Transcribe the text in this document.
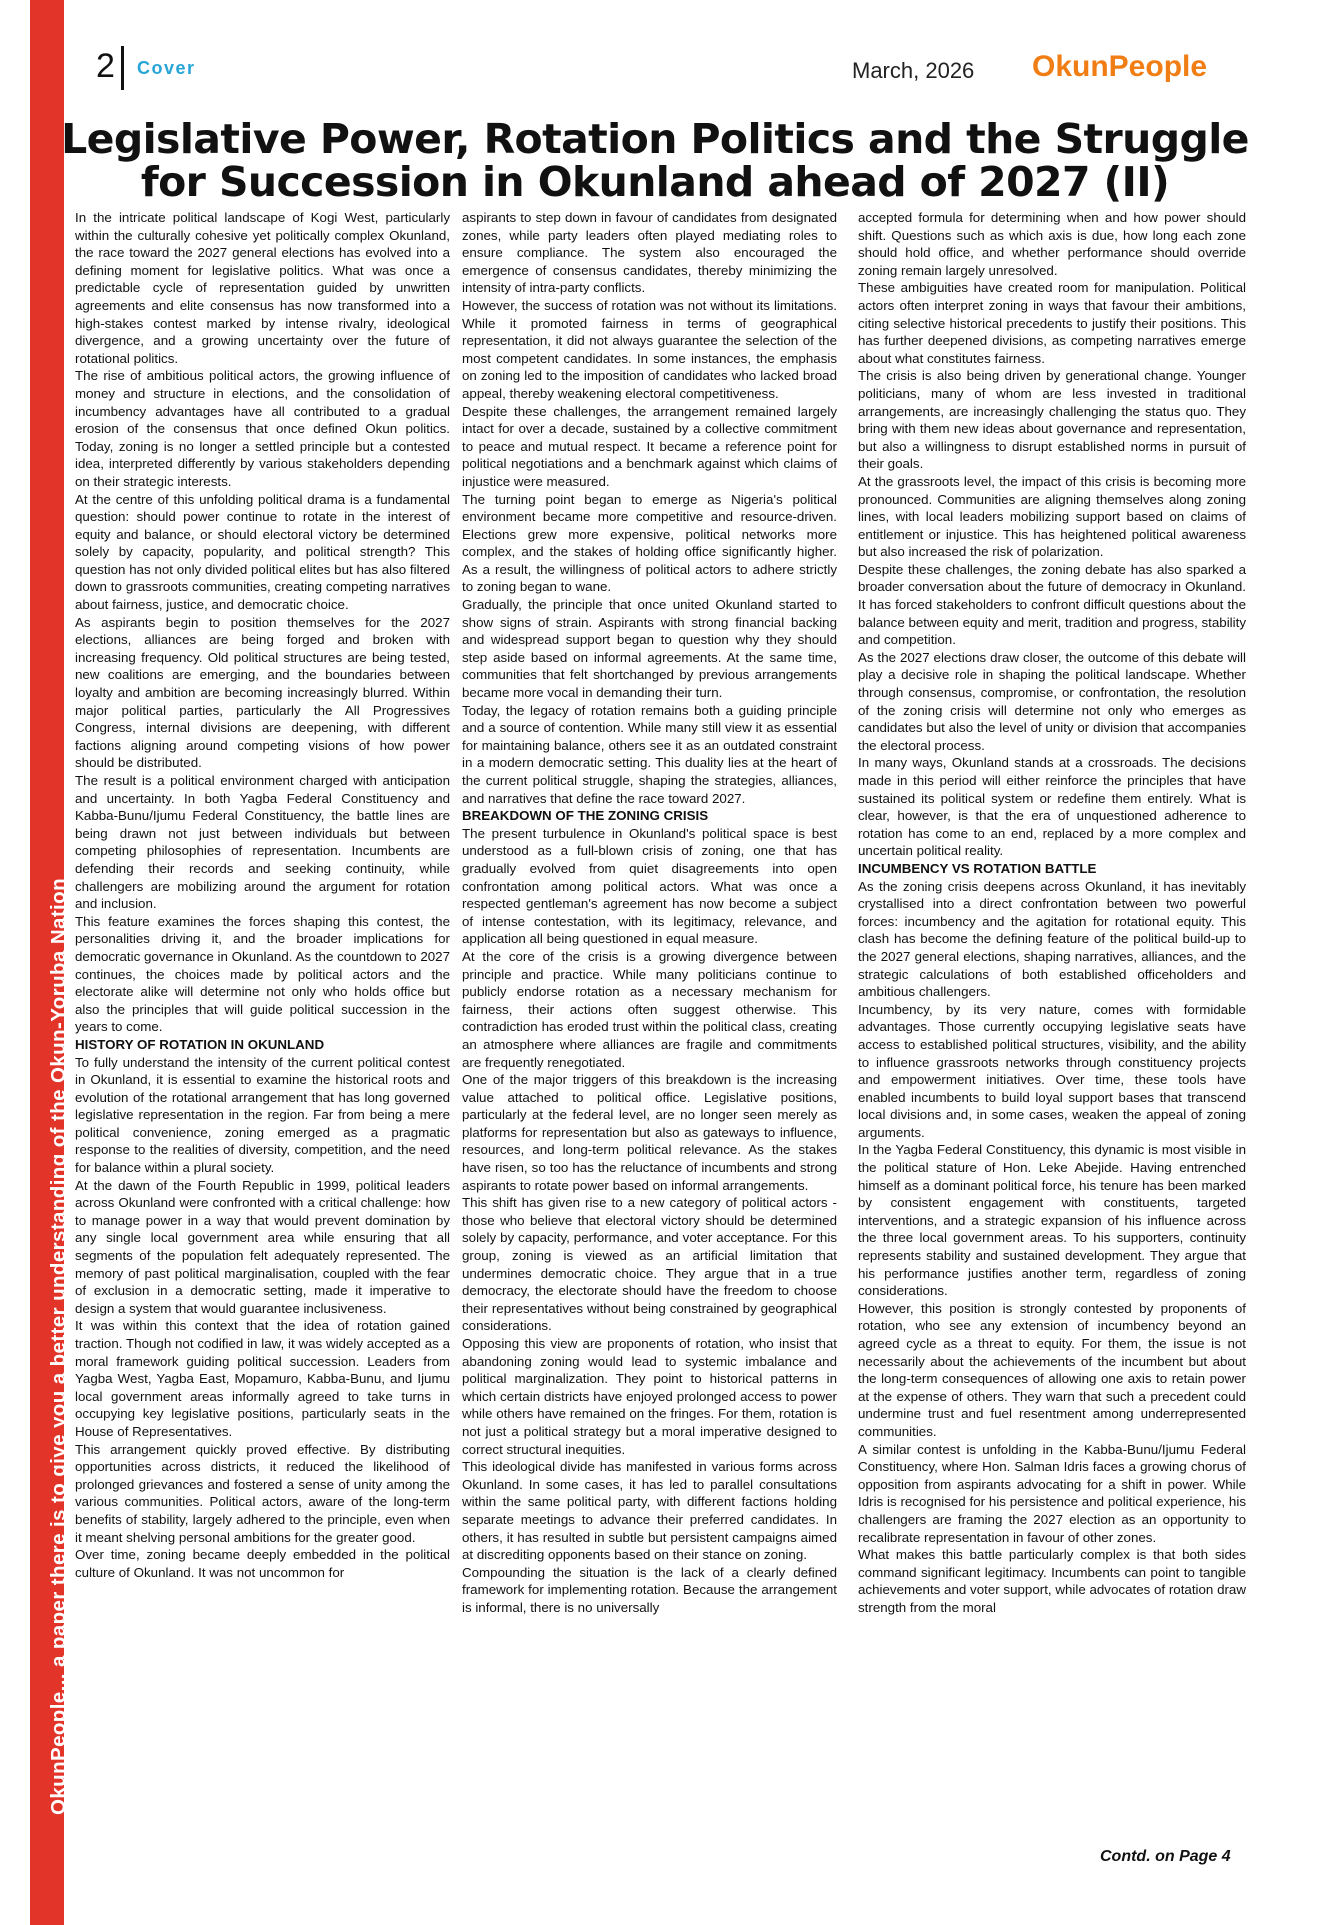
OkunPeople... a paper there is to give you a better understanding of the Okun-Yoruba Nation
First Published on March 29, 1997
2 Cover	March, 2026 OkunPeople
Legislative Power, Rotation Politics and the Struggle for Succession in Okunland ahead of 2027 (II)

In the intricate political landscape of Kogi West, particularly within the culturally cohesive yet politically complex Okunland, the race toward the 2027 general elections has evolved into a defining moment for legislative politics. What was once a predictable cycle of representation guided by unwritten agreements and elite consensus has now transformed into a high-stakes contest marked by intense rivalry, ideological divergence, and a growing uncertainty over the future of rotational politics.

The rise of ambitious political actors, the growing influence of money and structure in elections, and the consolidation of incumbency advantages have all contributed to a gradual erosion of the consensus that once defined Okun politics. Today, zoning is no longer a settled principle but a contested idea, interpreted differently by various stakeholders depending on their strategic interests.

At the centre of this unfolding political drama is a fundamental question: should power continue to rotate in the interest of equity and balance, or should electoral victory be determined solely by capacity, popularity, and political strength? This question has not only divided political elites but has also filtered down to grassroots communities, creating competing narratives about fairness, justice, and democratic choice.

As aspirants begin to position themselves for the 2027 elections, alliances are being forged and broken with increasing frequency. Old political structures are being tested, new coalitions are emerging, and the boundaries between loyalty and ambition are becoming increasingly blurred. Within major political parties, particularly the All Progressives Congress, internal divisions are deepening, with different factions aligning around competing visions of how power should be distributed.

The result is a political environment charged with anticipation and uncertainty. In both Yagba Federal Constituency and Kabba-Bunu/Ijumu Federal Constituency, the battle lines are being drawn not just between individuals but between competing philosophies of representation. Incumbents are defending their records and seeking continuity, while challengers are mobilizing around the argument for rotation and inclusion.

This feature examines the forces shaping this contest, the personalities driving it, and the broader implications for democratic governance in Okunland. As the countdown to 2027 continues, the choices made by political actors and the electorate alike will determine not only who holds office but also the principles that will guide political succession in the years to come.

HISTORY OF ROTATION IN OKUNLAND

To fully understand the intensity of the current political contest in Okunland, it is essential to examine the historical roots and evolution of the rotational arrangement that has long governed legislative representation in the region. Far from being a mere political convenience, zoning emerged as a pragmatic response to the realities of diversity, competition, and the need for balance within a plural society.

At the dawn of the Fourth Republic in 1999, political leaders across Okunland were confronted with a critical challenge: how to manage power in a way that would prevent domination by any single local government area while ensuring that all segments of the population felt adequately represented. The memory of past political marginalisation, coupled with the fear of exclusion in a democratic setting, made it imperative to design a system that would guarantee inclusiveness.

It was within this context that the idea of rotation gained traction. Though not codified in law, it was widely accepted as a moral framework guiding political succession. Leaders from Yagba West, Yagba East, Mopamuro, Kabba-Bunu, and Ijumu local government areas informally agreed to take turns in occupying key legislative positions, particularly seats in the House of Representatives.

This arrangement quickly proved effective. By distributing opportunities across districts, it reduced the likelihood of prolonged grievances and fostered a sense of unity among the various communities. Political actors, aware of the long-term benefits of stability, largely adhered to the principle, even when it meant shelving personal ambitions for the greater good.

Over time, zoning became deeply embedded in the political culture of Okunland. It was not uncommon for

aspirants to step down in favour of candidates from designated zones, while party leaders often played mediating roles to ensure compliance. The system also encouraged the emergence of consensus candidates, thereby minimizing the intensity of intra-party conflicts.

However, the success of rotation was not without its limitations. While it promoted fairness in terms of geographical representation, it did not always guarantee the selection of the most competent candidates. In some instances, the emphasis on zoning led to the imposition of candidates who lacked broad appeal, thereby weakening electoral competitiveness.

Despite these challenges, the arrangement remained largely intact for over a decade, sustained by a collective commitment to peace and mutual respect. It became a reference point for political negotiations and a benchmark against which claims of injustice were measured.

The turning point began to emerge as Nigeria's political environment became more competitive and resource-driven. Elections grew more expensive, political networks more complex, and the stakes of holding office significantly higher. As a result, the willingness of political actors to adhere strictly to zoning began to wane.

Gradually, the principle that once united Okunland started to show signs of strain. Aspirants with strong financial backing and widespread support began to question why they should step aside based on informal agreements. At the same time, communities that felt shortchanged by previous arrangements became more vocal in demanding their turn.

Today, the legacy of rotation remains both a guiding principle and a source of contention. While many still view it as essential for maintaining balance, others see it as an outdated constraint in a modern democratic setting. This duality lies at the heart of the current political struggle, shaping the strategies, alliances, and narratives that define the race toward 2027.

BREAKDOWN OF THE ZONING CRISIS

The present turbulence in Okunland's political space is best understood as a full-blown crisis of zoning, one that has gradually evolved from quiet disagreements into open confrontation among political actors. What was once a respected gentleman's agreement has now become a subject of intense contestation, with its legitimacy, relevance, and application all being questioned in equal measure.

At the core of the crisis is a growing divergence between principle and practice. While many politicians continue to publicly endorse rotation as a necessary mechanism for fairness, their actions often suggest otherwise. This contradiction has eroded trust within the political class, creating an atmosphere where alliances are fragile and commitments are frequently renegotiated.

One of the major triggers of this breakdown is the increasing value attached to political office. Legislative positions, particularly at the federal level, are no longer seen merely as platforms for representation but also as gateways to influence, resources, and long-term political relevance. As the stakes have risen, so too has the reluctance of incumbents and strong aspirants to rotate power based on informal arrangements.

This shift has given rise to a new category of political actors - those who believe that electoral victory should be determined solely by capacity, performance, and voter acceptance. For this group, zoning is viewed as an artificial limitation that undermines democratic choice. They argue that in a true democracy, the electorate should have the freedom to choose their representatives without being constrained by geographical considerations.

Opposing this view are proponents of rotation, who insist that abandoning zoning would lead to systemic imbalance and political marginalization. They point to historical patterns in which certain districts have enjoyed prolonged access to power while others have remained on the fringes. For them, rotation is not just a political strategy but a moral imperative designed to correct structural inequities.

This ideological divide has manifested in various forms across Okunland. In some cases, it has led to parallel consultations within the same political party, with different factions holding separate meetings to advance their preferred candidates. In others, it has resulted in subtle but persistent campaigns aimed at discrediting opponents based on their stance on zoning.

Compounding the situation is the lack of a clearly defined framework for implementing rotation. Because the arrangement is informal, there is no universally

accepted formula for determining when and how power should shift. Questions such as which axis is due, how long each zone should hold office, and whether performance should override zoning remain largely unresolved.

These ambiguities have created room for manipulation. Political actors often interpret zoning in ways that favour their ambitions, citing selective historical precedents to justify their positions. This has further deepened divisions, as competing narratives emerge about what constitutes fairness.

The crisis is also being driven by generational change. Younger politicians, many of whom are less invested in traditional arrangements, are increasingly challenging the status quo. They bring with them new ideas about governance and representation, but also a willingness to disrupt established norms in pursuit of their goals.

At the grassroots level, the impact of this crisis is becoming more pronounced. Communities are aligning themselves along zoning lines, with local leaders mobilizing support based on claims of entitlement or injustice. This has heightened political awareness but also increased the risk of polarization.

Despite these challenges, the zoning debate has also sparked a broader conversation about the future of democracy in Okunland. It has forced stakeholders to confront difficult questions about the balance between equity and merit, tradition and progress, stability and competition.

As the 2027 elections draw closer, the outcome of this debate will play a decisive role in shaping the political landscape. Whether through consensus, compromise, or confrontation, the resolution of the zoning crisis will determine not only who emerges as candidates but also the level of unity or division that accompanies the electoral process.

In many ways, Okunland stands at a crossroads. The decisions made in this period will either reinforce the principles that have sustained its political system or redefine them entirely. What is clear, however, is that the era of unquestioned adherence to rotation has come to an end, replaced by a more complex and uncertain political reality.

INCUMBENCY VS ROTATION BATTLE

As the zoning crisis deepens across Okunland, it has inevitably crystallised into a direct confrontation between two powerful forces: incumbency and the agitation for rotational equity. This clash has become the defining feature of the political build-up to the 2027 general elections, shaping narratives, alliances, and the strategic calculations of both established officeholders and ambitious challengers.

Incumbency, by its very nature, comes with formidable advantages. Those currently occupying legislative seats have access to established political structures, visibility, and the ability to influence grassroots networks through constituency projects and empowerment initiatives. Over time, these tools have enabled incumbents to build loyal support bases that transcend local divisions and, in some cases, weaken the appeal of zoning arguments.

In the Yagba Federal Constituency, this dynamic is most visible in the political stature of Hon. Leke Abejide. Having entrenched himself as a dominant political force, his tenure has been marked by consistent engagement with constituents, targeted interventions, and a strategic expansion of his influence across the three local government areas. To his supporters, continuity represents stability and sustained development. They argue that his performance justifies another term, regardless of zoning considerations.

However, this position is strongly contested by proponents of rotation, who see any extension of incumbency beyond an agreed cycle as a threat to equity. For them, the issue is not necessarily about the achievements of the incumbent but about the long-term consequences of allowing one axis to retain power at the expense of others. They warn that such a precedent could undermine trust and fuel resentment among underrepresented communities.

A similar contest is unfolding in the Kabba-Bunu/Ijumu Federal Constituency, where Hon. Salman Idris faces a growing chorus of opposition from aspirants advocating for a shift in power. While Idris is recognised for his persistence and political experience, his challengers are framing the 2027 election as an opportunity to recalibrate representation in favour of other zones.

What makes this battle particularly complex is that both sides command significant legitimacy. Incumbents can point to tangible achievements and voter support, while advocates of rotation draw strength from the moral

Contd. on Page 4
